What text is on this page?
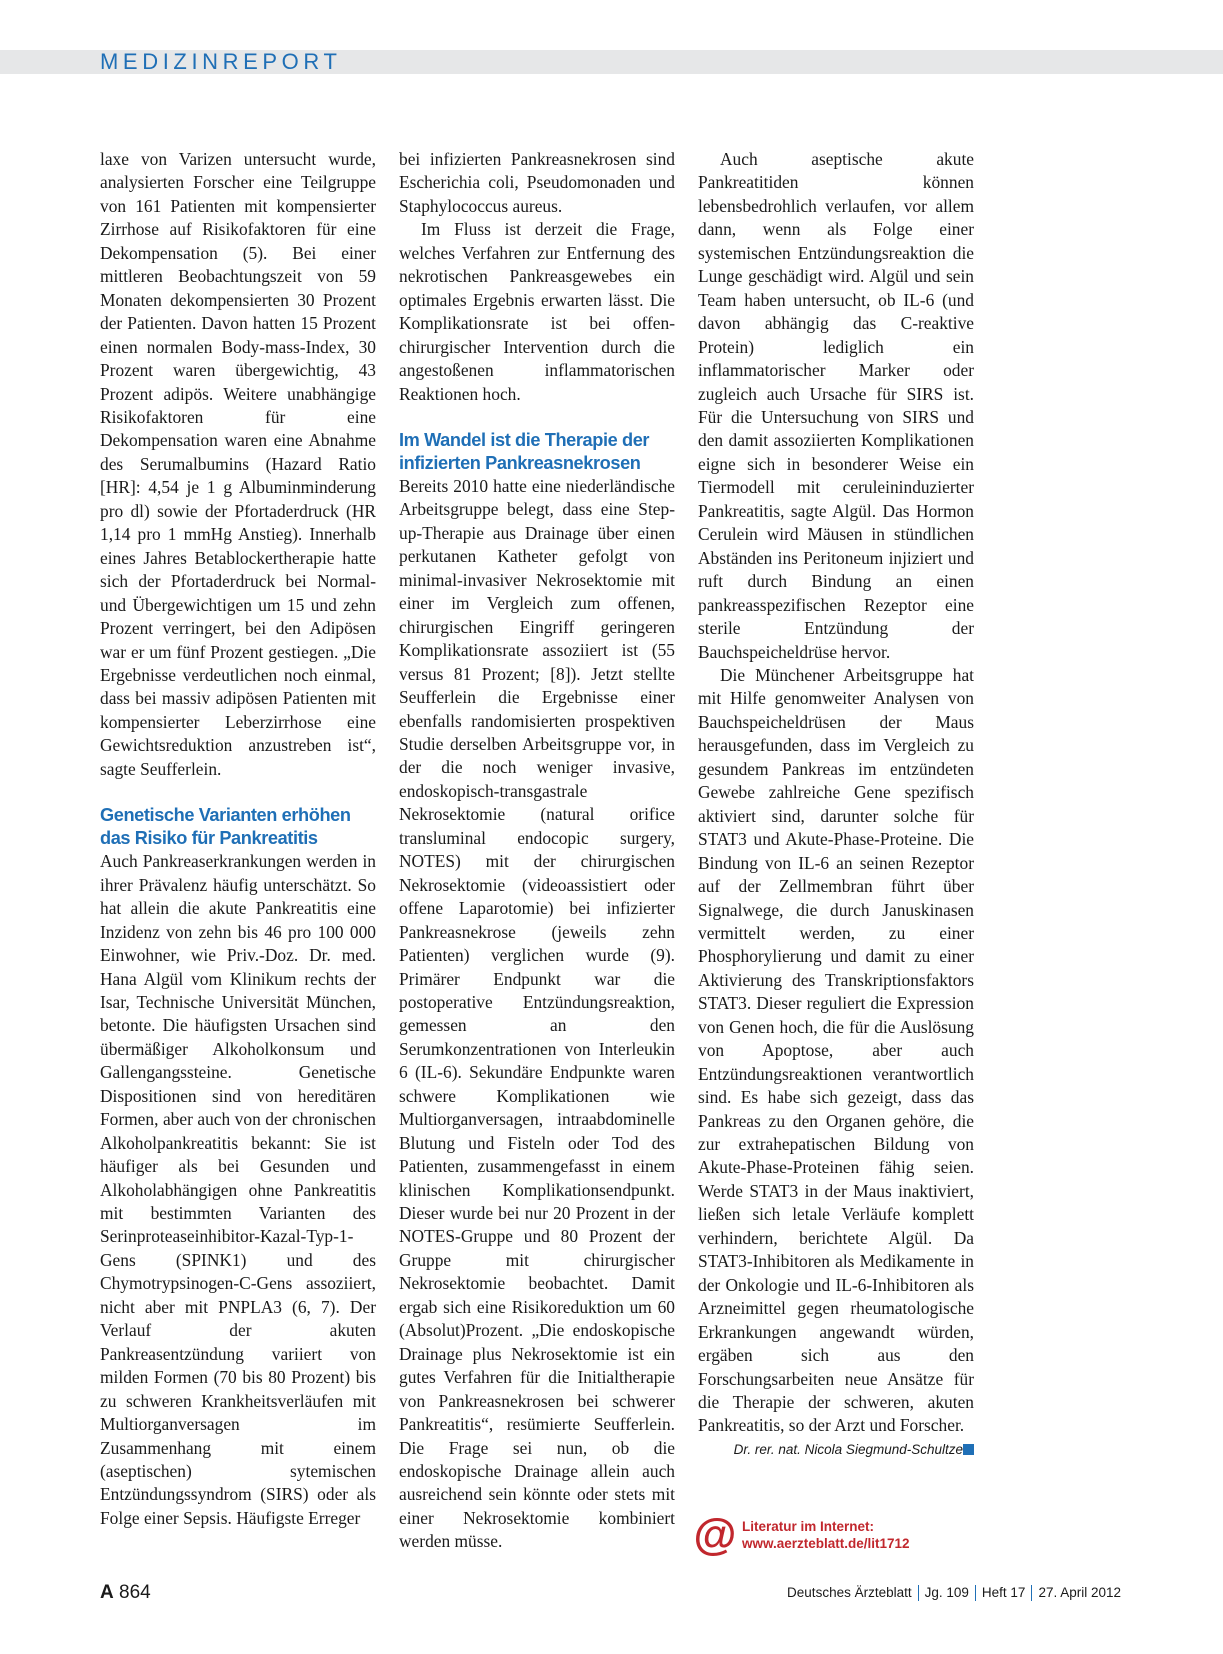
MEDIZINREPORT

laxe von Varizen untersucht wurde, analysierten Forscher eine Teilgruppe von 161 Patienten mit kompensierter Zirrhose auf Risikofaktoren für eine Dekompensation (5). Bei einer mittleren Beobachtungszeit von 59 Monaten dekompensierten 30 Prozent der Patienten. Davon hatten 15 Prozent einen normalen Body-mass-Index, 30 Prozent waren übergewichtig, 43 Prozent adipös. Weitere unabhängige Risikofaktoren für eine Dekompensation waren eine Abnahme des Serumalbumins (Hazard Ratio [HR]: 4,54 je 1 g Albuminminderung pro dl) sowie der Pfortaderdruck (HR 1,14 pro 1 mmHg Anstieg). Innerhalb eines Jahres Betablockertherapie hatte sich der Pfortaderdruck bei Normal- und Übergewichtigen um 15 und zehn Prozent verringert, bei den Adipösen war er um fünf Prozent gestiegen. „Die Ergebnisse verdeutlichen noch einmal, dass bei massiv adipösen Patienten mit kompensierter Leberzirrhose eine Gewichtsreduktion anzustreben ist“, sagte Seufferlein.

Genetische Varianten erhöhen das Risiko für Pankreatitis

Auch Pankreaserkrankungen werden in ihrer Prävalenz häufig unterschätzt. So hat allein die akute Pankreatitis eine Inzidenz von zehn bis 46 pro 100 000 Einwohner, wie Priv.-Doz. Dr. med. Hana Algül vom Klinikum rechts der Isar, Technische Universität München, betonte. Die häufigsten Ursachen sind übermäßiger Alkoholkonsum und Gallengangssteine. Genetische Dispositionen sind von hereditären Formen, aber auch von der chronischen Alkoholpankreatitis bekannt: Sie ist häufiger als bei Gesunden und Alkoholabhängigen ohne Pankreatitis mit bestimmten Varianten des Serinproteaseinhibitor-Kazal-Typ-1-Gens (SPINK1) und des Chymotrypsinogen-C-Gens assoziiert, nicht aber mit PNPLA3 (6, 7). Der Verlauf der akuten Pankreasentzündung variiert von milden Formen (70 bis 80 Prozent) bis zu schweren Krankheitsverläufen mit Multiorganversagen im Zusammenhang mit einem (aseptischen) sytemischen Entzündungssyndrom (SIRS) oder als Folge einer Sepsis. Häufigste Erreger

bei infizierten Pankreasnekrosen sind Escherichia coli, Pseudomonaden und Staphylococcus aureus.

Im Fluss ist derzeit die Frage, welches Verfahren zur Entfernung des nekrotischen Pankreasgewebes ein optimales Ergebnis erwarten lässt. Die Komplikationsrate ist bei offen-chirurgischer Intervention durch die angestoßenen inflammatorischen Reaktionen hoch.

Im Wandel ist die Therapie der infizierten Pankreasnekrosen

Bereits 2010 hatte eine niederländische Arbeitsgruppe belegt, dass eine Step-up-Therapie aus Drainage über einen perkutanen Katheter gefolgt von minimal-invasiver Nekrosektomie mit einer im Vergleich zum offenen, chirurgischen Eingriff geringeren Komplikationsrate assoziiert ist (55 versus 81 Prozent; [8]). Jetzt stellte Seufferlein die Ergebnisse einer ebenfalls randomisierten prospektiven Studie derselben Arbeitsgruppe vor, in der die noch weniger invasive, endoskopisch-transgastrale Nekrosektomie (natural orifice transluminal endocopic surgery, NOTES) mit der chirurgischen Nekrosektomie (videoassistiert oder offene Laparotomie) bei infizierter Pankreasnekrose (jeweils zehn Patienten) verglichen wurde (9). Primärer Endpunkt war die postoperative Entzündungsreaktion, gemessen an den Serumkonzentrationen von Interleukin 6 (IL-6). Sekundäre Endpunkte waren schwere Komplikationen wie Multiorganversagen, intraabdominelle Blutung und Fisteln oder Tod des Patienten, zusammengefasst in einem klinischen Komplikationsendpunkt. Dieser wurde bei nur 20 Prozent in der NOTES-Gruppe und 80 Prozent der Gruppe mit chirurgischer Nekrosektomie beobachtet. Damit ergab sich eine Risikoreduktion um 60 (Absolut)Prozent. „Die endoskopische Drainage plus Nekrosektomie ist ein gutes Verfahren für die Initialtherapie von Pankreasnekrosen bei schwerer Pankreatitis“, resümierte Seufferlein. Die Frage sei nun, ob die endoskopische Drainage allein auch ausreichend sein könnte oder stets mit einer Nekrosektomie kombiniert werden müsse.

Auch aseptische akute Pankreatitiden können lebensbedrohlich verlaufen, vor allem dann, wenn als Folge einer systemischen Entzündungsreaktion die Lunge geschädigt wird. Algül und sein Team haben untersucht, ob IL-6 (und davon abhängig das C-reaktive Protein) lediglich ein inflammatorischer Marker oder zugleich auch Ursache für SIRS ist. Für die Untersuchung von SIRS und den damit assoziierten Komplikationen eigne sich in besonderer Weise ein Tiermodell mit ceruleininduzierter Pankreatitis, sagte Algül. Das Hormon Cerulein wird Mäusen in stündlichen Abständen ins Peritoneum injiziert und ruft durch Bindung an einen pankreasspezifischen Rezeptor eine sterile Entzündung der Bauchspeicheldrüse hervor.

Die Münchener Arbeitsgruppe hat mit Hilfe genomweiter Analysen von Bauchspeicheldrüsen der Maus herausgefunden, dass im Vergleich zu gesundem Pankreas im entzündeten Gewebe zahlreiche Gene spezifisch aktiviert sind, darunter solche für STAT3 und Akute-Phase-Proteine. Die Bindung von IL-6 an seinen Rezeptor auf der Zellmembran führt über Signalwege, die durch Januskinasen vermittelt werden, zu einer Phosphorylierung und damit zu einer Aktivierung des Transkriptionsfaktors STAT3. Dieser reguliert die Expression von Genen hoch, die für die Auslösung von Apoptose, aber auch Entzündungsreaktionen verantwortlich sind. Es habe sich gezeigt, dass das Pankreas zu den Organen gehöre, die zur extrahepatischen Bildung von Akute-Phase-Proteinen fähig seien. Werde STAT3 in der Maus inaktiviert, ließen sich letale Verläufe komplett verhindern, berichtete Algül. Da STAT3-Inhibitoren als Medikamente in der Onkologie und IL-6-Inhibitoren als Arzneimittel gegen rheumatologische Erkrankungen angewandt würden, ergäben sich aus den Forschungsarbeiten neue Ansätze für die Therapie der schweren, akuten Pankreatitis, so der Arzt und Forscher.

Dr. rer. nat. Nicola Siegmund-Schultze
@ Literatur im Internet:
www.aerzteblatt.de/lit1712
A 864	Deutsches Ärzteblatt Jg. 109 Heft 17 27. April 2012
